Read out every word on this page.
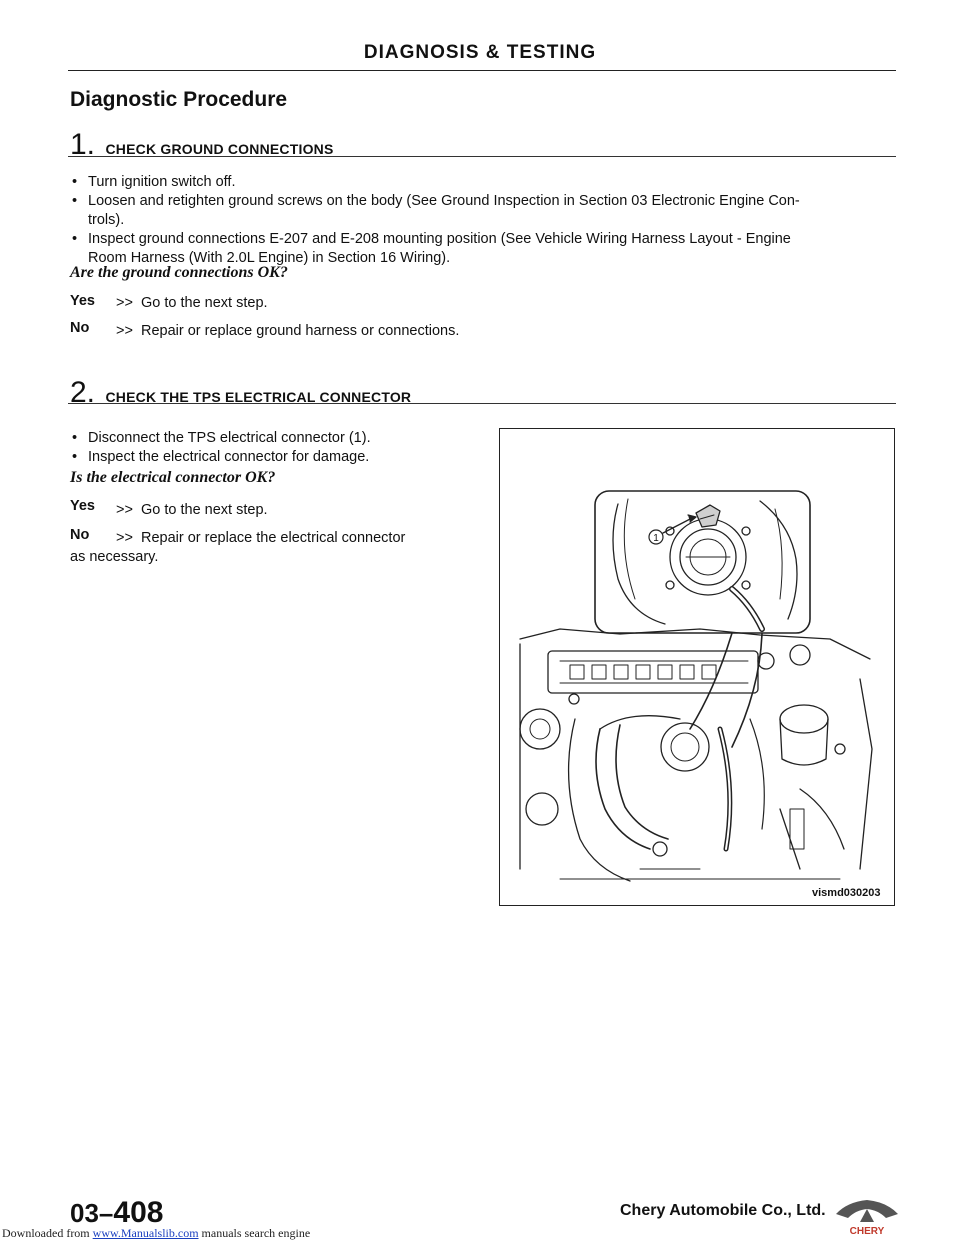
DIAGNOSIS & TESTING
Diagnostic Procedure
1. CHECK GROUND CONNECTIONS
• Turn ignition switch off.
• Loosen and retighten ground screws on the body (See Ground Inspection in Section 03 Electronic Engine Con-
trols).
• Inspect ground connections E-207 and E-208 mounting position (See Vehicle Wiring Harness Layout - Engine
Room Harness (With 2.0L Engine) in Section 16 Wiring).
Are the ground connections OK?
Yes >> Go to the next step.
No >> Repair or replace ground harness or connections.
2. CHECK THE TPS ELECTRICAL CONNECTOR
• Disconnect the TPS electrical connector (1).
• Inspect the electrical connector for damage.
Is the electrical connector OK?
Yes >> Go to the next step.
No >> Repair or replace the electrical connector
as necessary.
1
vismd030203
03–408	Chery Automobile Co., Ltd.
CHERY
Downloaded from www.Manualslib.com manuals search engine
